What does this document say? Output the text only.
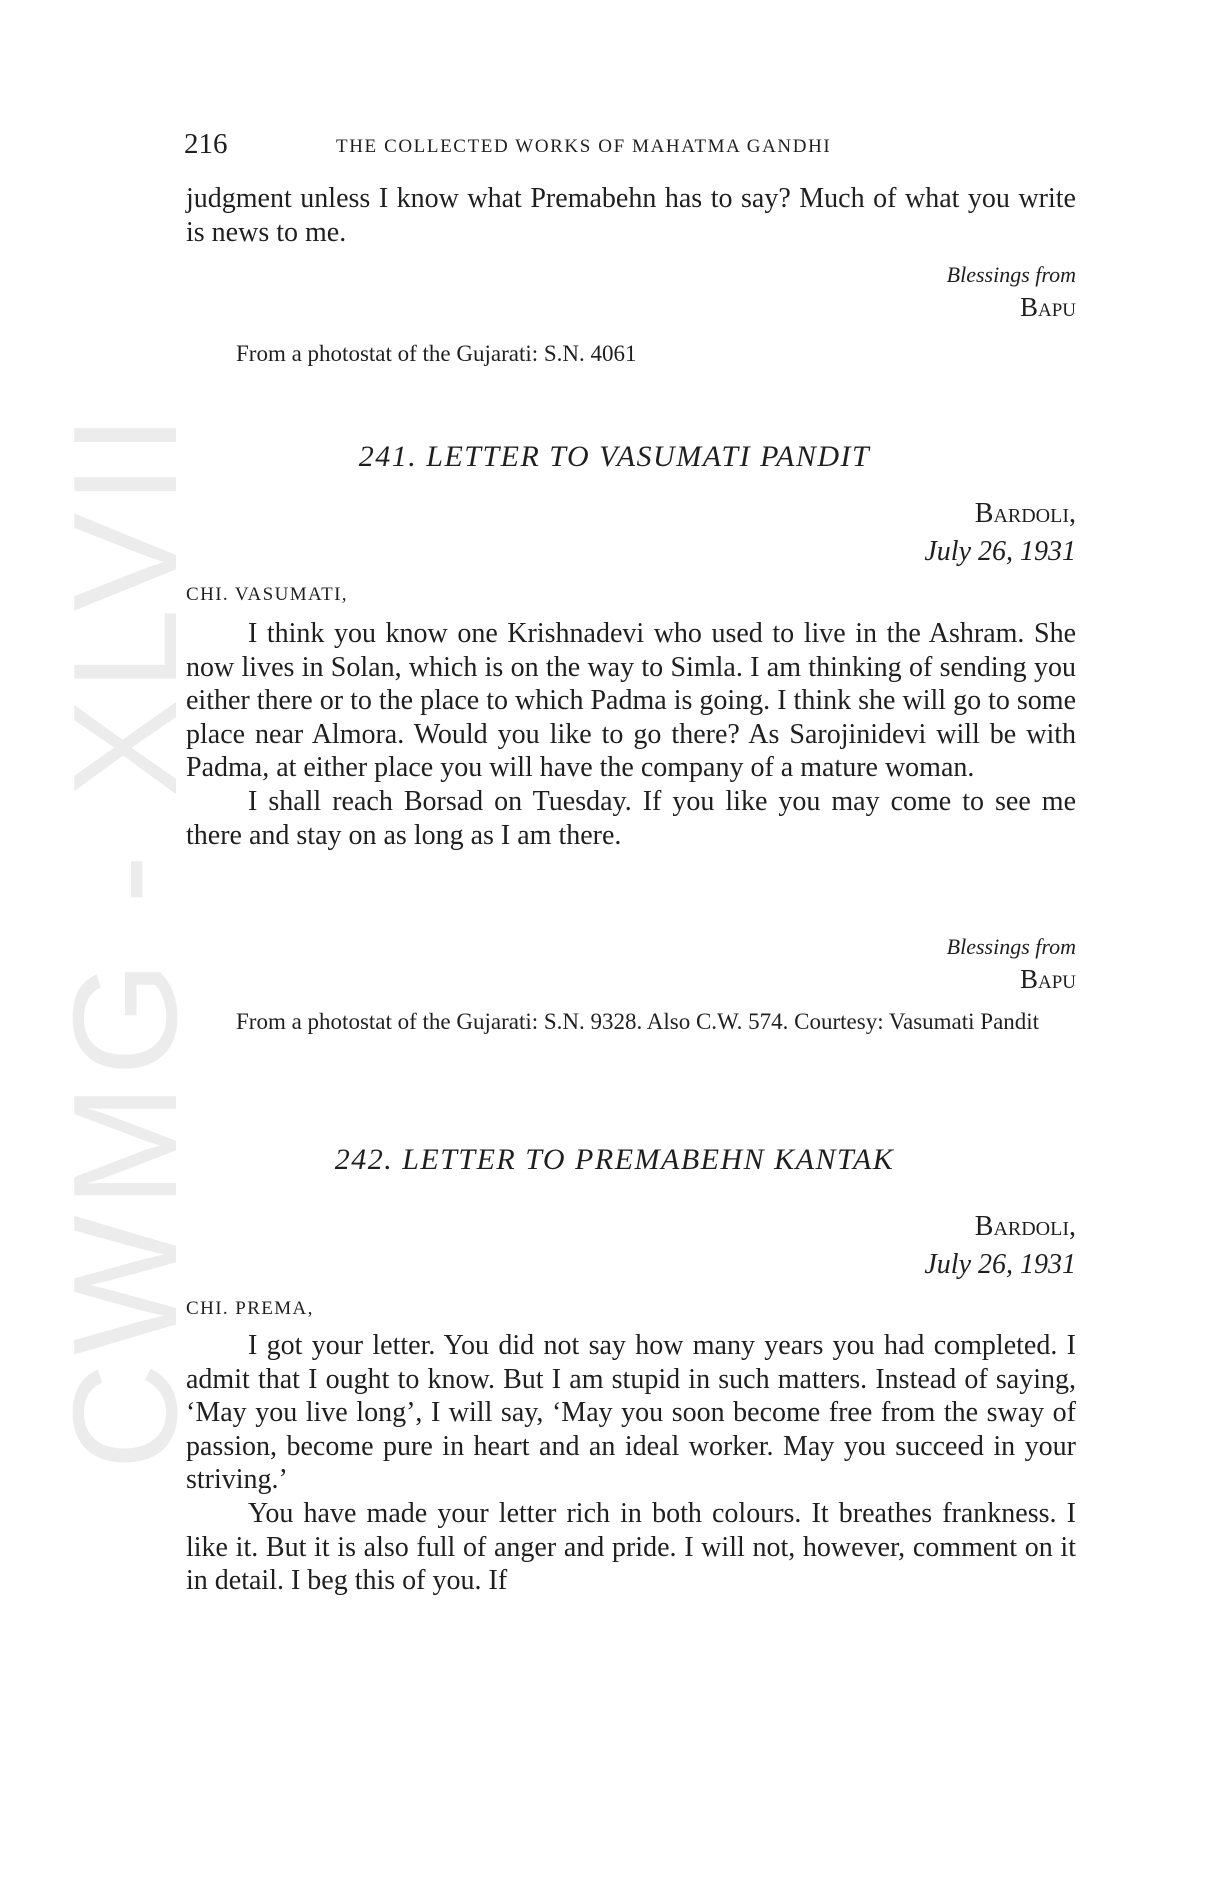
CWMG - XLVII
216	THE COLLECTED WORKS OF MAHATMA GANDHI

judgment unless I know what Premabehn has to say? Much of what you write is news to me.

Blessings from
Bapu

From a photostat of the Gujarati: S.N. 4061

241. LETTER TO VASUMATI PANDIT
Bardoli,
July 26, 1931
CHI. VASUMATI,

I think you know one Krishnadevi who used to live in the Ashram. She now lives in Solan, which is on the way to Simla. I am thinking of sending you either there or to the place to which Padma is going. I think she will go to some place near Almora. Would you like to go there? As Sarojinidevi will be with Padma, at either place you will have the company of a mature woman.

I shall reach Borsad on Tuesday. If you like you may come to see me there and stay on as long as I am there.

Blessings from
Bapu

From a photostat of the Gujarati: S.N. 9328. Also C.W. 574. Courtesy: Vasumati Pandit

242. LETTER TO PREMABEHN KANTAK
Bardoli,
July 26, 1931
CHI. PREMA,

I got your letter. You did not say how many years you had completed. I admit that I ought to know. But I am stupid in such matters. Instead of saying, ‘May you live long’, I will say, ‘May you soon become free from the sway of passion, become pure in heart and an ideal worker. May you succeed in your striving.’

You have made your letter rich in both colours. It breathes frankness. I like it. But it is also full of anger and pride. I will not, however, comment on it in detail. I beg this of you. If
